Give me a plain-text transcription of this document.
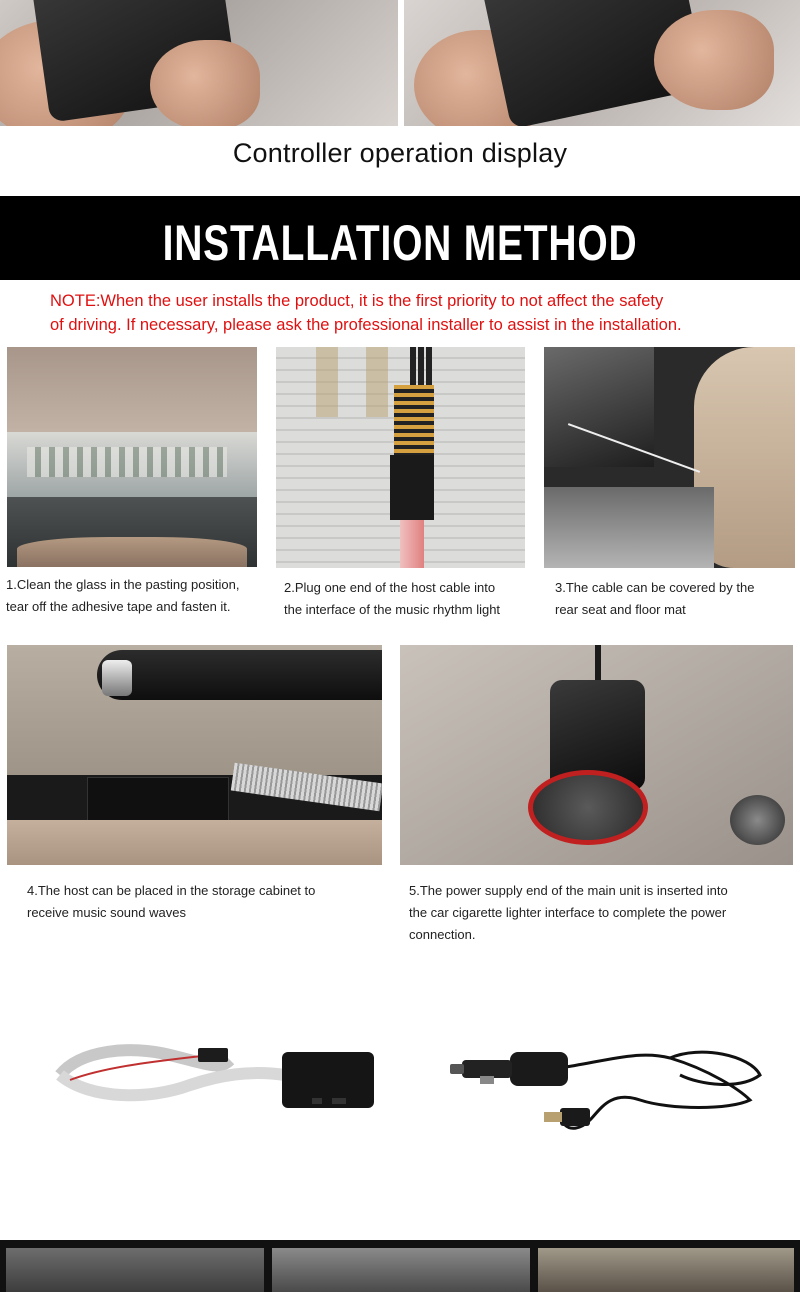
Controller operation display
INSTALLATION METHOD
NOTE:When the user installs the product, it is the first priority to not affect the safety
of driving. If necessary, please ask the professional installer to assist in the installation.
1.Clean the glass in the pasting position,
tear off the adhesive tape and fasten it.
2.Plug one end of the host cable into
the interface of the music rhythm light
3.The cable can be covered by the
rear seat and floor mat
4.The host can be placed in the storage cabinet to
receive music sound waves
5.The power supply end of the main unit is inserted into
the car cigarette lighter interface to complete the power
connection.
